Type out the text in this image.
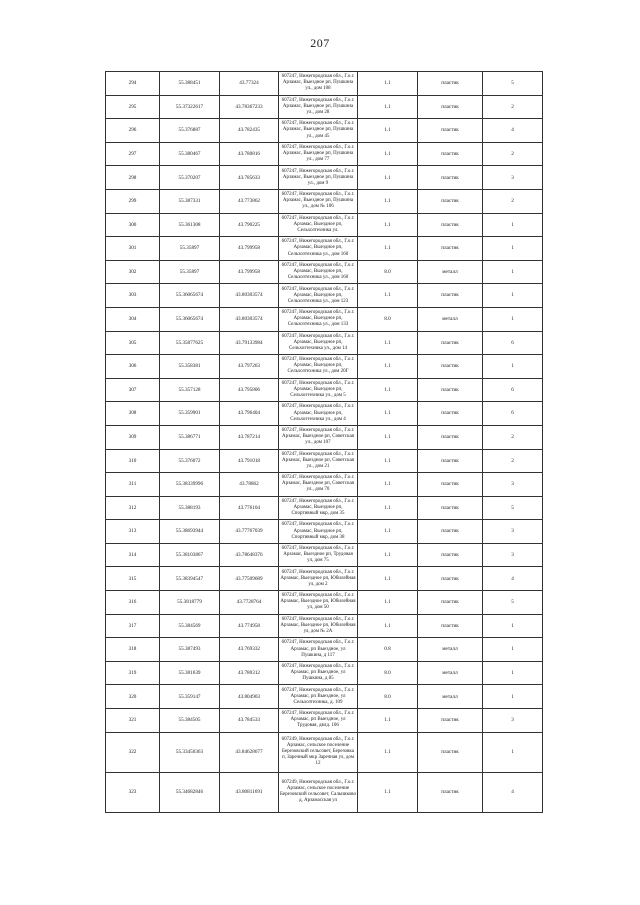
207
294	55.388451	43.77324	607247, Нижегородская обл., Г.о.г. Арзамас, Выездное рп, Пушкина ул., дом 108	1.1	пластик	5
295	55.37322617	43.78367233	607247, Нижегородская обл., Г.о.г. Арзамас, Выездное рп, Пушкина ул., дом 28	1.1	пластик	2
296	55.376887	43.782435	607247, Нижегородская обл., Г.о.г. Арзамас, Выездное рп, Пушкина ул., дом 45	1.1	пластик	4
297	55.380467	43.780816	607247, Нижегородская обл., Г.о.г. Арзамас, Выездное рп, Пушкина ул., дом 77	1.1	пластик	2
298	55.370207	43.785633	607247, Нижегородская обл., Г.о.г. Арзамас, Выездное рп, Пушкина ул., дом 9	1.1	пластик	3
299	55.387331	43.773862	607247, Нижегородская обл., Г.о.г. Арзамас, Выездное рп, Пушкина ул., дом № 106	1.1	пластик	2
300	55.361308	43.790225	607247, Нижегородская обл., Г.о.г. Арзамас, Выездное рп, Сельхозтехника ул.	1.1	пластик	1
301	55.35897	43.799958	607247, Нижегородская обл., Г.о.г. Арзамас, Выездное рп, Сельхозтехника ул., дом 160	1.1	пластик	1
302	55.35897	43.799958	607247, Нижегородская обл., Г.о.г. Арзамас, Выездное рп, Сельхозтехника ул., дом 160	8.0	металл	1
303	55.36065674	43.80303574	607247, Нижегородская обл., Г.о.г. Арзамас, Выездное рп, Сельхозтехника ул., дом 123	1.1	пластик	1
304	55.36065674	43.80303574	607247, Нижегородская обл., Г.о.г. Арзамас, Выездное рп, Сельхозтехника ул., дом 133	8.0	металл	1
305	55.35877625	43.79133984	607247, Нижегородская обл., Г.о.г. Арзамас, Выездное рп, Сельхозтехника ул., дом 14	1.1	пластик	6
306	55.358381	43.797263	607247, Нижегородская обл., Г.о.г. Арзамас, Выездное рп, Сельхозтехника ул., дом 20Г	1.1	пластик	1
307	55.357128	43.795806	607247, Нижегородская обл., Г.о.г. Арзамас, Выездное рп, Сельхозтехника ул., дом 5	1.1	пластик	6
308	55.359901	43.796404	607247, Нижегородская обл., Г.о.г. Арзамас, Выездное рп, Сельхозтехника ул., дом 4	1.1	пластик	6
309	55.386771	43.787214	607247, Нижегородская обл., Г.о.г. Арзамас, Выездное рп, Советская ул., дом 107	1.1	пластик	2
310	55.376072	43.791018	607247, Нижегородская обл., Г.о.г. Арзамас, Выездное рп, Советская ул., дом 21	1.1	пластик	2
311	55.38339996	43.78862	607247, Нижегородская обл., Г.о.г. Арзамас, Выездное рп, Советская ул., дом 70	1.1	пластик	3
312	55.388193	43.776104	607247, Нижегородская обл., Г.о.г. Арзамас, Выездное рп, Спортивный мкр, дом 35	1.1	пластик	5
313	55.38693944	43.77767039	607247, Нижегородская обл., Г.о.г. Арзамас, Выездное рп, Спортивный мкр, дом 38	1.1	пластик	3
314	55.38103867	43.78648376	607247, Нижегородская обл., Г.о.г. Арзамас, Выездное рп, Трудовая ул, дом 75	1.1	пластик	3
315	55.38394547	43.77509689	607247, Нижегородская обл., Г.о.г. Арзамас, Выездное рп, Юбилейная ул, дом 2	1.1	пластик	4
316	55.3818779	43.7728764	607247, Нижегородская обл., Г.о.г. Арзамас, Выездное рп, Юбилейная ул, дом 50	1.1	пластик	5
317	55.384569	43.774958	607247, Нижегородская обл., Г.о.г. Арзамас, Выездное рп, Юбилейная ул, дом № 2А	1.1	пластик	1
318	55.387493	43.769332	607247, Нижегородская обл., Г.о.г. Арзамас, рп Выездное, ул Пушкина, д 117	0.8	металл	1
319	55.381639	43.780312	607247, Нижегородская обл., Г.о.г. Арзамас, рп Выездное, ул Пушкина, д 85	8.0	металл	1
320	55.359147	43.804903	607247, Нижегородская обл., Г.о.г. Арзамас, рп Выездное, ул Сельхозтехника, д. 109	8.0	металл	1
321	55.384505	43.784533	607247, Нижегородская обл., Г.о.г. Арзамас, рп Выездное, ул Трудовая, двлд. 106	1.1	пластик	3
322	55.33450363	43.84628677	607249, Нижегородская обл., Г.о.г. Арзамас, сельское поселение Березовский сельсовет, Березовка п, Заречный мкр Заречная ул, дом 12	1.1	пластик	1
323	55.34682846	43.80811691	607249, Нижегородская обл., Г.о.г. Арзамас, сельское поселение Березовский сельсовет, Сальниково д, Арзамасская ул	1.1	пластик	4
